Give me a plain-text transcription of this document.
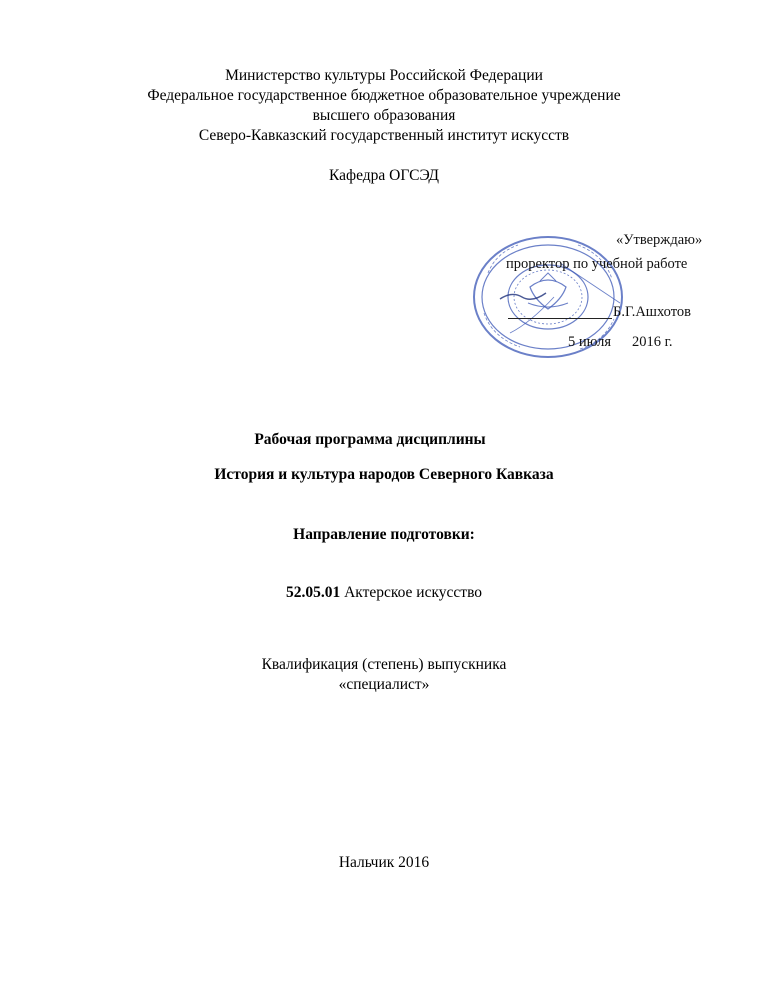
Министерство культуры Российской Федерации
Федеральное государственное бюджетное образовательное учреждение
высшего образования
Северо-Кавказский государственный институт искусств
Кафедра ОГСЭД
«Утверждаю»
проректор по учебной работе
Б.Г.Ашхотов
5 июля 2016 г.
Рабочая программа дисциплины
История и культура народов Северного Кавказа
Направление подготовки:
52.05.01 Актерское искусство
Квалификация (степень) выпускника
«специалист»
Нальчик 2016
